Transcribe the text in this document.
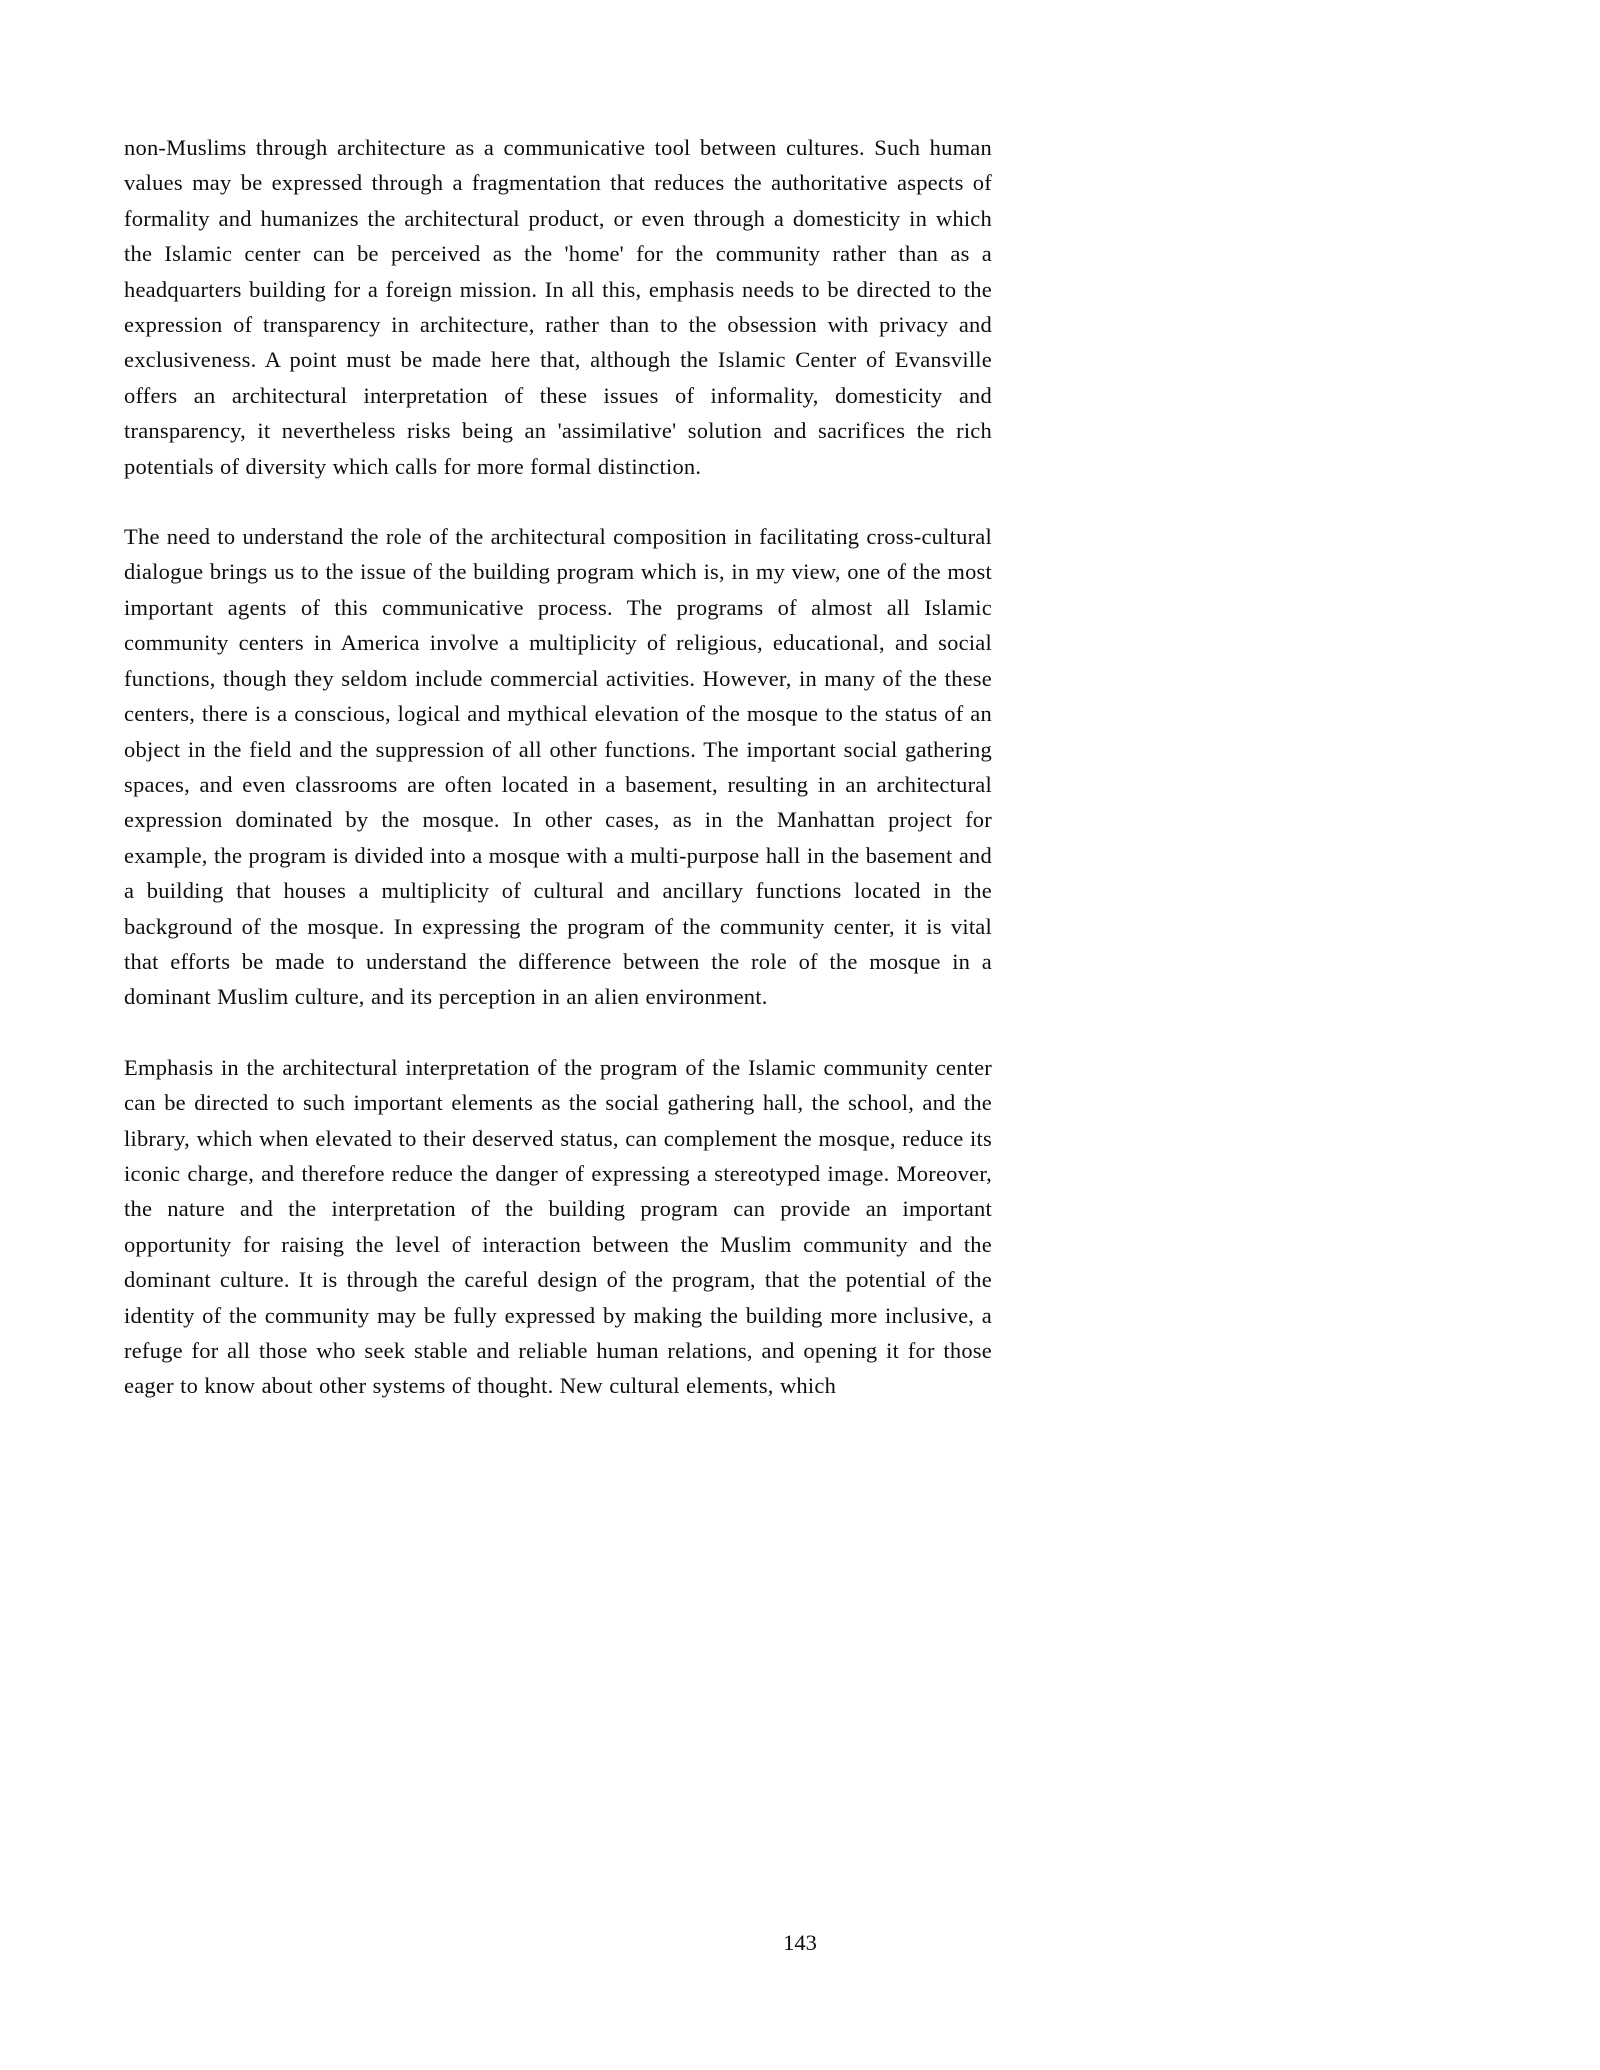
non-Muslims through architecture as a communicative tool between cultures. Such human values may be expressed through a fragmentation that reduces the authoritative aspects of formality and humanizes the architectural product, or even through a domesticity in which the Islamic center can be perceived as the 'home' for the community rather than as a headquarters building for a foreign mission. In all this, emphasis needs to be directed to the expression of transparency in architecture, rather than to the obsession with privacy and exclusiveness. A point must be made here that, although the Islamic Center of Evansville offers an architectural interpretation of these issues of informality, domesticity and transparency, it nevertheless risks being an 'assimilative' solution and sacrifices the rich potentials of diversity which calls for more formal distinction.

The need to understand the role of the architectural composition in facilitating cross-cultural dialogue brings us to the issue of the building program which is, in my view, one of the most important agents of this communicative process. The programs of almost all Islamic community centers in America involve a multiplicity of religious, educational, and social functions, though they seldom include commercial activities. However, in many of the these centers, there is a conscious, logical and mythical elevation of the mosque to the status of an object in the field and the suppression of all other functions. The important social gathering spaces, and even classrooms are often located in a basement, resulting in an architectural expression dominated by the mosque. In other cases, as in the Manhattan project for example, the program is divided into a mosque with a multi-purpose hall in the basement and a building that houses a multiplicity of cultural and ancillary functions located in the background of the mosque. In expressing the program of the community center, it is vital that efforts be made to understand the difference between the role of the mosque in a dominant Muslim culture, and its perception in an alien environment.

Emphasis in the architectural interpretation of the program of the Islamic community center can be directed to such important elements as the social gathering hall, the school, and the library, which when elevated to their deserved status, can complement the mosque, reduce its iconic charge, and therefore reduce the danger of expressing a stereotyped image. Moreover, the nature and the interpretation of the building program can provide an important opportunity for raising the level of interaction between the Muslim community and the dominant culture. It is through the careful design of the program, that the potential of the identity of the community may be fully expressed by making the building more inclusive, a refuge for all those who seek stable and reliable human relations, and opening it for those eager to know about other systems of thought. New cultural elements, which

143
